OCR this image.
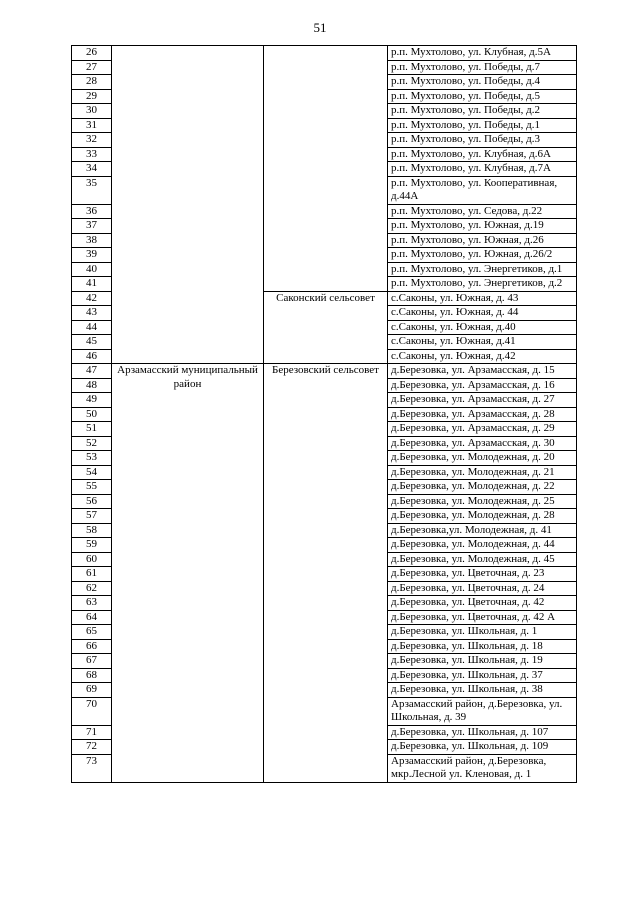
51
26			р.п. Мухтолово, ул. Клубная, д.5А
27			р.п. Мухтолово, ул. Победы, д.7
28			р.п. Мухтолово, ул. Победы, д.4
29			р.п. Мухтолово, ул. Победы, д.5
30			р.п. Мухтолово, ул. Победы, д.2
31			р.п. Мухтолово, ул. Победы, д.1
32			р.п. Мухтолово, ул. Победы, д.3
33			р.п. Мухтолово, ул. Клубная, д.6А
34			р.п. Мухтолово, ул. Клубная, д.7А
35			р.п. Мухтолово, ул. Кооперативная, д.44А
36			р.п. Мухтолово, ул. Седова, д.22
37			р.п. Мухтолово, ул. Южная, д.19
38			р.п. Мухтолово, ул. Южная, д.26
39			р.п. Мухтолово, ул. Южная, д.26/2
40			р.п. Мухтолово, ул. Энергетиков, д.1
41			р.п. Мухтолово, ул. Энергетиков, д.2
42		Саконский сельсовет	с.Саконы, ул. Южная, д. 43
43			с.Саконы, ул. Южная, д. 44
44			с.Саконы, ул. Южная, д.40
45			с.Саконы, ул. Южная, д.41
46			с.Саконы, ул. Южная, д.42
47	Арзамасский муниципальный район	Березовский сельсовет	д.Березовка, ул. Арзамасская, д. 15
48			д.Березовка, ул. Арзамасская, д. 16
49			д.Березовка, ул. Арзамасская, д. 27
50			д.Березовка, ул. Арзамасская, д. 28
51			д.Березовка, ул. Арзамасская, д. 29
52			д.Березовка, ул. Арзамасская, д. 30
53			д.Березовка, ул. Молодежная, д. 20
54			д.Березовка, ул. Молодежная, д. 21
55			д.Березовка, ул. Молодежная, д. 22
56			д.Березовка, ул. Молодежная, д. 25
57			д.Березовка, ул. Молодежная, д. 28
58			д.Березовка,ул. Молодежная, д. 41
59			д.Березовка, ул. Молодежная, д. 44
60			д.Березовка, ул. Молодежная, д. 45
61			д.Березовка, ул. Цветочная, д. 23
62			д.Березовка, ул. Цветочная, д. 24
63			д.Березовка, ул. Цветочная, д. 42
64			д.Березовка, ул. Цветочная, д. 42 А
65			д.Березовка, ул. Школьная, д. 1
66			д.Березовка, ул. Школьная, д. 18
67			д.Березовка, ул. Школьная, д. 19
68			д.Березовка, ул. Школьная, д. 37
69			д.Березовка, ул. Школьная, д. 38
70			Арзамасский район, д.Березовка, ул. Школьная, д. 39
71			д.Березовка, ул. Школьная, д. 107
72			д.Березовка, ул. Школьная, д. 109
73			Арзамасский район, д.Березовка, мкр.Лесной ул. Кленовая, д. 1
